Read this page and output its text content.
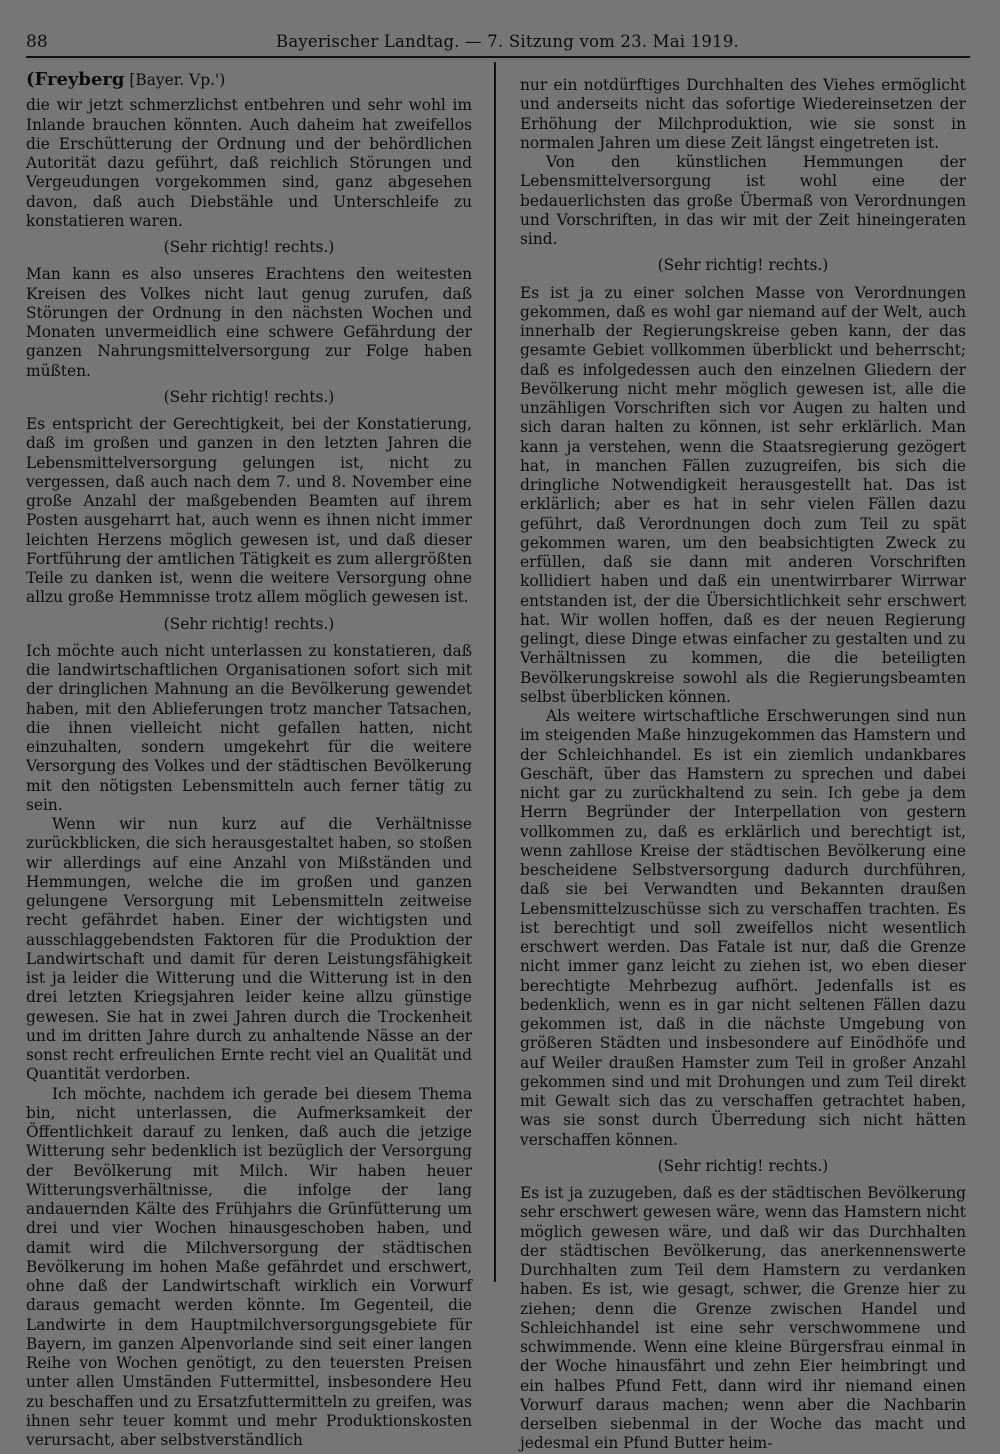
88	Bayerischer Landtag. — 7. Sitzung vom 23. Mai 1919.

(Freyberg [Bayer. Vp.')

die wir jetzt schmerzlichst entbehren und sehr wohl im Inlande brauchen könnten. Auch daheim hat zweifellos die Erschütterung der Ordnung und der behördlichen Autorität dazu geführt, daß reichlich Störungen und Vergeudungen vorgekommen sind, ganz abgesehen davon, daß auch Diebstähle und Unterschleife zu konstatieren waren.

(Sehr richtig! rechts.)

Man kann es also unseres Erachtens den weitesten Kreisen des Volkes nicht laut genug zurufen, daß Störungen der Ordnung in den nächsten Wochen und Monaten unvermeidlich eine schwere Gefährdung der ganzen Nahrungsmittelversorgung zur Folge haben müßten.

(Sehr richtig! rechts.)

Es entspricht der Gerechtigkeit, bei der Konstatierung, daß im großen und ganzen in den letzten Jahren die Lebensmittelversorgung gelungen ist, nicht zu vergessen, daß auch nach dem 7. und 8. November eine große Anzahl der maßgebenden Beamten auf ihrem Posten ausgeharrt hat, auch wenn es ihnen nicht immer leichten Herzens möglich gewesen ist, und daß dieser Fortführung der amtlichen Tätigkeit es zum allergrößten Teile zu danken ist, wenn die weitere Versorgung ohne allzu große Hemmnisse trotz allem möglich gewesen ist.

(Sehr richtig! rechts.)

Ich möchte auch nicht unterlassen zu konstatieren, daß die landwirtschaftlichen Organisationen sofort sich mit der dringlichen Mahnung an die Bevölkerung gewendet haben, mit den Ablieferungen trotz mancher Tatsachen, die ihnen vielleicht nicht gefallen hatten, nicht einzuhalten, sondern umgekehrt für die weitere Versorgung des Volkes und der städtischen Bevölkerung mit den nötigsten Lebensmitteln auch ferner tätig zu sein.

Wenn wir nun kurz auf die Verhältnisse zurückblicken, die sich herausgestaltet haben, so stoßen wir allerdings auf eine Anzahl von Mißständen und Hemmungen, welche die im großen und ganzen gelungene Versorgung mit Lebensmitteln zeitweise recht gefährdet haben. Einer der wichtigsten und ausschlaggebendsten Faktoren für die Produktion der Landwirtschaft und damit für deren Leistungsfähigkeit ist ja leider die Witterung und die Witterung ist in den drei letzten Kriegsjahren leider keine allzu günstige gewesen. Sie hat in zwei Jahren durch die Trockenheit und im dritten Jahre durch zu anhaltende Nässe an der sonst recht erfreulichen Ernte recht viel an Qualität und Quantität verdorben.

Ich möchte, nachdem ich gerade bei diesem Thema bin, nicht unterlassen, die Aufmerksamkeit der Öffentlichkeit darauf zu lenken, daß auch die jetzige Witterung sehr bedenklich ist bezüglich der Versorgung der Bevölkerung mit Milch. Wir haben heuer Witterungsverhältnisse, die infolge der lang andauernden Kälte des Frühjahrs die Grünfütterung um drei und vier Wochen hinausgeschoben haben, und damit wird die Milchversorgung der städtischen Bevölkerung im hohen Maße gefährdet und erschwert, ohne daß der Landwirtschaft wirklich ein Vorwurf daraus gemacht werden könnte. Im Gegenteil, die Landwirte in dem Hauptmilchversorgungsgebiete für Bayern, im ganzen Alpenvorlande sind seit einer langen Reihe von Wochen genötigt, zu den teuersten Preisen unter allen Umständen Futtermittel, insbesondere Heu zu beschaffen und zu Ersatzfuttermitteln zu greifen, was ihnen sehr teuer kommt und mehr Produktionskosten verursacht, aber selbstverständlich

nur ein notdürftiges Durchhalten des Viehes ermöglicht und anderseits nicht das sofortige Wiedereinsetzen der Erhöhung der Milchproduktion, wie sie sonst in normalen Jahren um diese Zeit längst eingetreten ist.

Von den künstlichen Hemmungen der Lebensmittelversorgung ist wohl eine der bedauerlichsten das große Übermaß von Verordnungen und Vorschriften, in das wir mit der Zeit hineingeraten sind.

(Sehr richtig! rechts.)

Es ist ja zu einer solchen Masse von Verordnungen gekommen, daß es wohl gar niemand auf der Welt, auch innerhalb der Regierungskreise geben kann, der das gesamte Gebiet vollkommen überblickt und beherrscht; daß es infolgedessen auch den einzelnen Gliedern der Bevölkerung nicht mehr möglich gewesen ist, alle die unzähligen Vorschriften sich vor Augen zu halten und sich daran halten zu können, ist sehr erklärlich. Man kann ja verstehen, wenn die Staatsregierung gezögert hat, in manchen Fällen zuzugreifen, bis sich die dringliche Notwendigkeit herausgestellt hat. Das ist erklärlich; aber es hat in sehr vielen Fällen dazu geführt, daß Verordnungen doch zum Teil zu spät gekommen waren, um den beabsichtigten Zweck zu erfüllen, daß sie dann mit anderen Vorschriften kollidiert haben und daß ein unentwirrbarer Wirrwar entstanden ist, der die Übersichtlichkeit sehr erschwert hat. Wir wollen hoffen, daß es der neuen Regierung gelingt, diese Dinge etwas einfacher zu gestalten und zu Verhältnissen zu kommen, die die beteiligten Bevölkerungskreise sowohl als die Regierungsbeamten selbst überblicken können.

Als weitere wirtschaftliche Erschwerungen sind nun im steigenden Maße hinzugekommen das Hamstern und der Schleichhandel. Es ist ein ziemlich undankbares Geschäft, über das Hamstern zu sprechen und dabei nicht gar zu zurückhaltend zu sein. Ich gebe ja dem Herrn Begründer der Interpellation von gestern vollkommen zu, daß es erklärlich und berechtigt ist, wenn zahllose Kreise der städtischen Bevölkerung eine bescheidene Selbstversorgung dadurch durchführen, daß sie bei Verwandten und Bekannten draußen Lebensmittelzuschüsse sich zu verschaffen trachten. Es ist berechtigt und soll zweifellos nicht wesentlich erschwert werden. Das Fatale ist nur, daß die Grenze nicht immer ganz leicht zu ziehen ist, wo eben dieser berechtigte Mehrbezug aufhört. Jedenfalls ist es bedenklich, wenn es in gar nicht seltenen Fällen dazu gekommen ist, daß in die nächste Umgebung von größeren Städten und insbesondere auf Einödhöfe und auf Weiler draußen Hamster zum Teil in großer Anzahl gekommen sind und mit Drohungen und zum Teil direkt mit Gewalt sich das zu verschaffen getrachtet haben, was sie sonst durch Überredung sich nicht hätten verschaffen können.

(Sehr richtig! rechts.)

Es ist ja zuzugeben, daß es der städtischen Bevölkerung sehr erschwert gewesen wäre, wenn das Hamstern nicht möglich gewesen wäre, und daß wir das Durchhalten der städtischen Bevölkerung, das anerkennenswerte Durchhalten zum Teil dem Hamstern zu verdanken haben. Es ist, wie gesagt, schwer, die Grenze hier zu ziehen; denn die Grenze zwischen Handel und Schleichhandel ist eine sehr verschwommene und schwimmende. Wenn eine kleine Bürgersfrau einmal in der Woche hinausfährt und zehn Eier heimbringt und ein halbes Pfund Fett, dann wird ihr niemand einen Vorwurf daraus machen; wenn aber die Nachbarin derselben siebenmal in der Woche das macht und jedesmal ein Pfund Butter heim-
